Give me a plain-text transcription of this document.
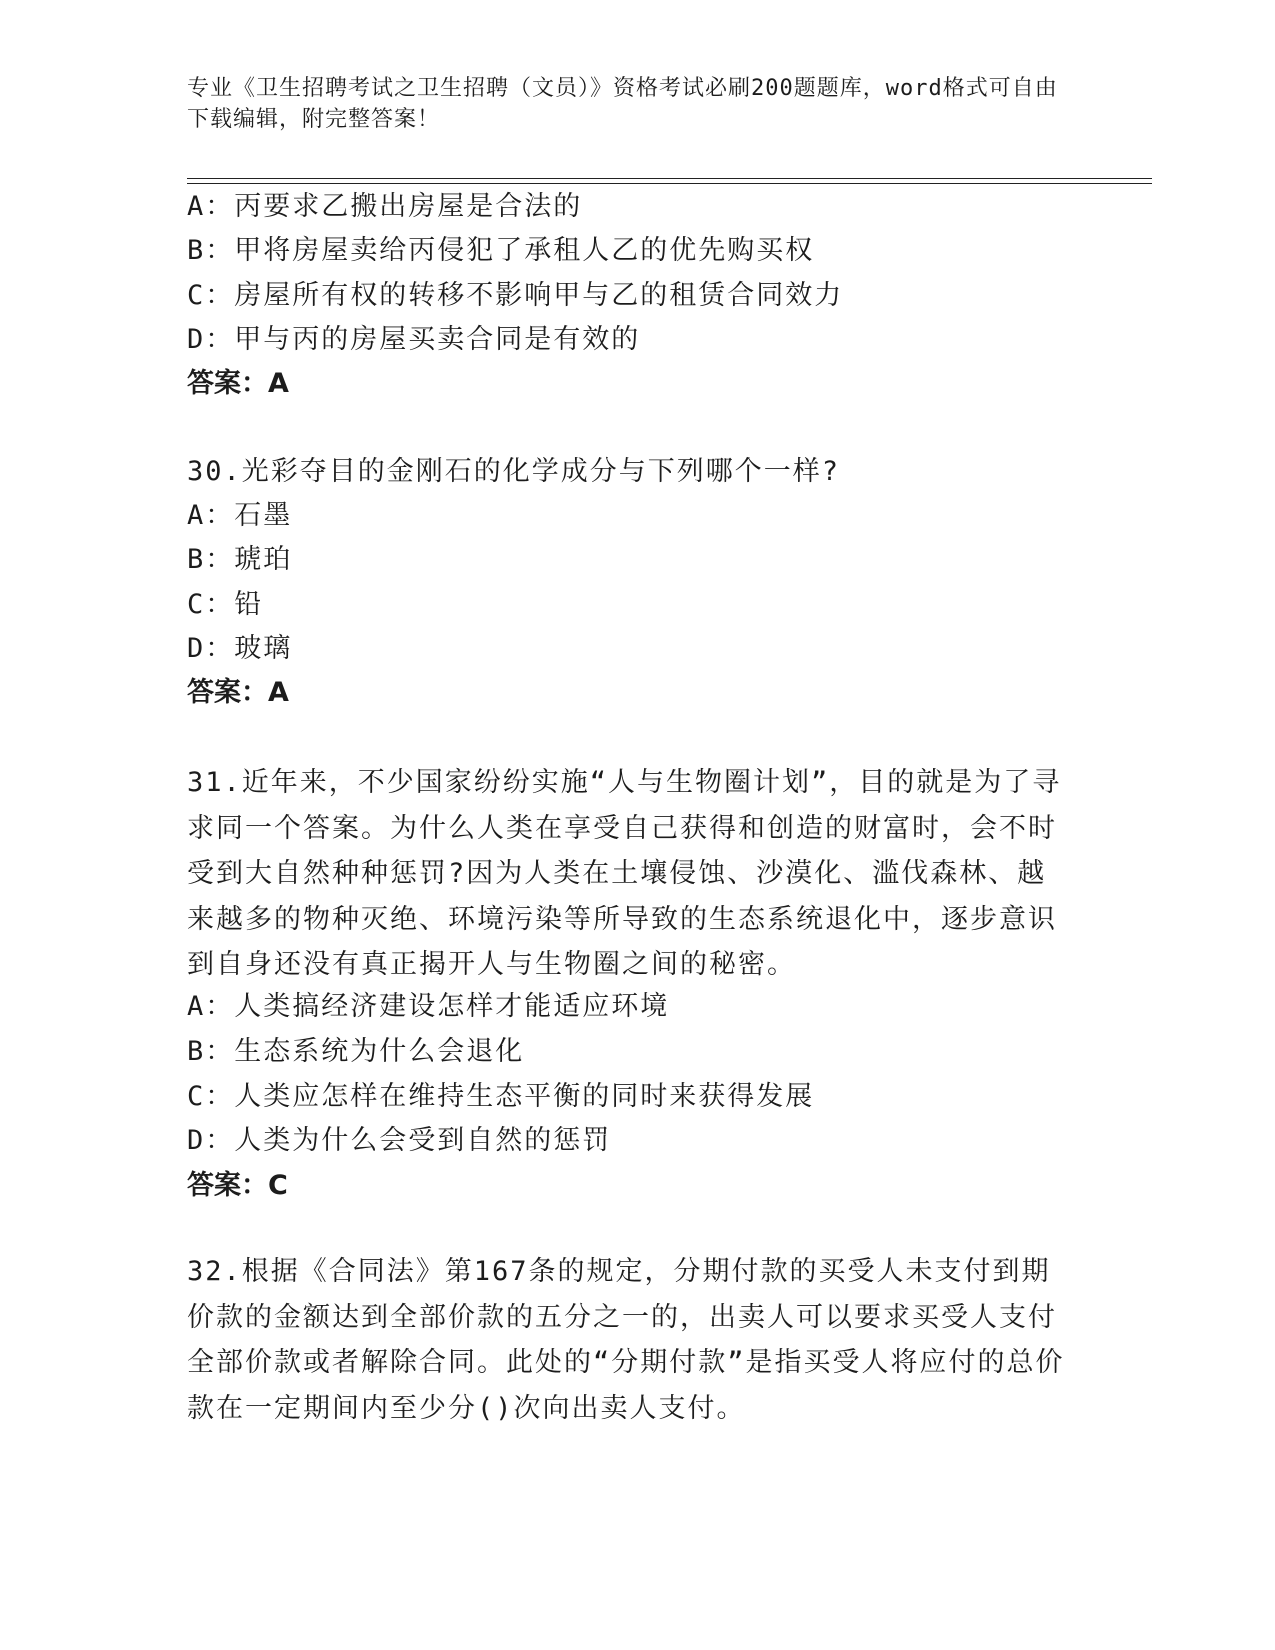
专业《卫生招聘考试之卫生招聘（文员）》资格考试必刷200题题库，word格式可自由下载编辑，附完整答案！
A：丙要求乙搬出房屋是合法的
B：甲将房屋卖给丙侵犯了承租人乙的优先购买权
C：房屋所有权的转移不影响甲与乙的租赁合同效力
D：甲与丙的房屋买卖合同是有效的
答案：A
30.光彩夺目的金刚石的化学成分与下列哪个一样?
A：石墨
B：琥珀
C：铅
D：玻璃
答案：A
31.近年来，不少国家纷纷实施“人与生物圈计划”，目的就是为了寻求同一个答案。为什么人类在享受自己获得和创造的财富时，会不时受到大自然种种惩罚?因为人类在土壤侵蚀、沙漠化、滥伐森林、越来越多的物种灭绝、环境污染等所导致的生态系统退化中，逐步意识到自身还没有真正揭开人与生物圈之间的秘密。
A：人类搞经济建设怎样才能适应环境
B：生态系统为什么会退化
C：人类应怎样在维持生态平衡的同时来获得发展
D：人类为什么会受到自然的惩罚
答案：C
32.根据《合同法》第167条的规定，分期付款的买受人未支付到期价款的金额达到全部价款的五分之一的，出卖人可以要求买受人支付全部价款或者解除合同。此处的“分期付款”是指买受人将应付的总价款在一定期间内至少分()次向出卖人支付。
